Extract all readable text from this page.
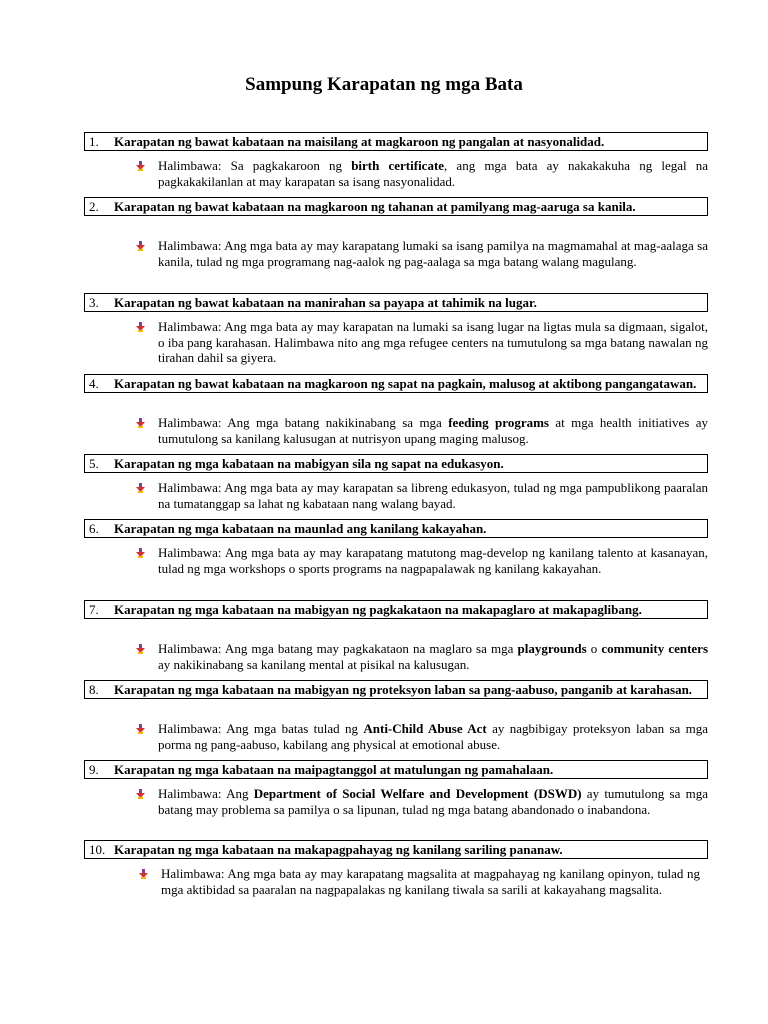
Sampung Karapatan ng mga Bata
1.	Karapatan ng bawat kabataan na maisilang at magkaroon ng pangalan at nasyonalidad.
Halimbawa: Sa pagkakaroon ng birth certificate, ang mga bata ay nakakakuha ng legal na pagkakakilanlan at may karapatan sa isang nasyonalidad.
2.	Karapatan ng bawat kabataan na magkaroon ng tahanan at pamilyang mag-aaruga sa kanila.
Halimbawa: Ang mga bata ay may karapatang lumaki sa isang pamilya na magmamahal at mag-aalaga sa kanila, tulad ng mga programang nag-aalok ng pag-aalaga sa mga batang walang magulang.
3.	Karapatan ng bawat kabataan na manirahan sa payapa at tahimik na lugar.
Halimbawa: Ang mga bata ay may karapatan na lumaki sa isang lugar na ligtas mula sa digmaan, sigalot, o iba pang karahasan. Halimbawa nito ang mga refugee centers na tumutulong sa mga batang nawalan ng tirahan dahil sa giyera.
4.	Karapatan ng bawat kabataan na magkaroon ng sapat na pagkain, malusog at aktibong pangangatawan.
Halimbawa: Ang mga batang nakikinabang sa mga feeding programs at mga health initiatives ay tumutulong sa kanilang kalusugan at nutrisyon upang maging malusog.
5.	Karapatan ng mga kabataan na mabigyan sila ng sapat na edukasyon.
Halimbawa: Ang mga bata ay may karapatan sa libreng edukasyon, tulad ng mga pampublikong paaralan na tumatanggap sa lahat ng kabataan nang walang bayad.
6.	Karapatan ng mga kabataan na maunlad ang kanilang kakayahan.
Halimbawa: Ang mga bata ay may karapatang matutong mag-develop ng kanilang talento at kasanayan, tulad ng mga workshops o sports programs na nagpapalawak ng kanilang kakayahan.
7.	Karapatan ng mga kabataan na mabigyan ng pagkakataon na makapaglaro at makapaglibang.
Halimbawa: Ang mga batang may pagkakataon na maglaro sa mga playgrounds o community centers ay nakikinabang sa kanilang mental at pisikal na kalusugan.
8.	Karapatan ng mga kabataan na mabigyan ng proteksyon laban sa pang-aabuso, panganib at karahasan.
Halimbawa: Ang mga batas tulad ng Anti-Child Abuse Act ay nagbibigay proteksyon laban sa mga porma ng pang-aabuso, kabilang ang physical at emotional abuse.
9.	Karapatan ng mga kabataan na maipagtanggol at matulungan ng pamahalaan.
Halimbawa: Ang Department of Social Welfare and Development (DSWD) ay tumutulong sa mga batang may problema sa pamilya o sa lipunan, tulad ng mga batang abandonado o inabandona.
10. Karapatan ng mga kabataan na makapagpahayag ng kanilang sariling pananaw.
Halimbawa: Ang mga bata ay may karapatang magsalita at magpahayag ng kanilang opinyon, tulad ng mga aktibidad sa paaralan na nagpapalakas ng kanilang tiwala sa sarili at kakayahang magsalita.
